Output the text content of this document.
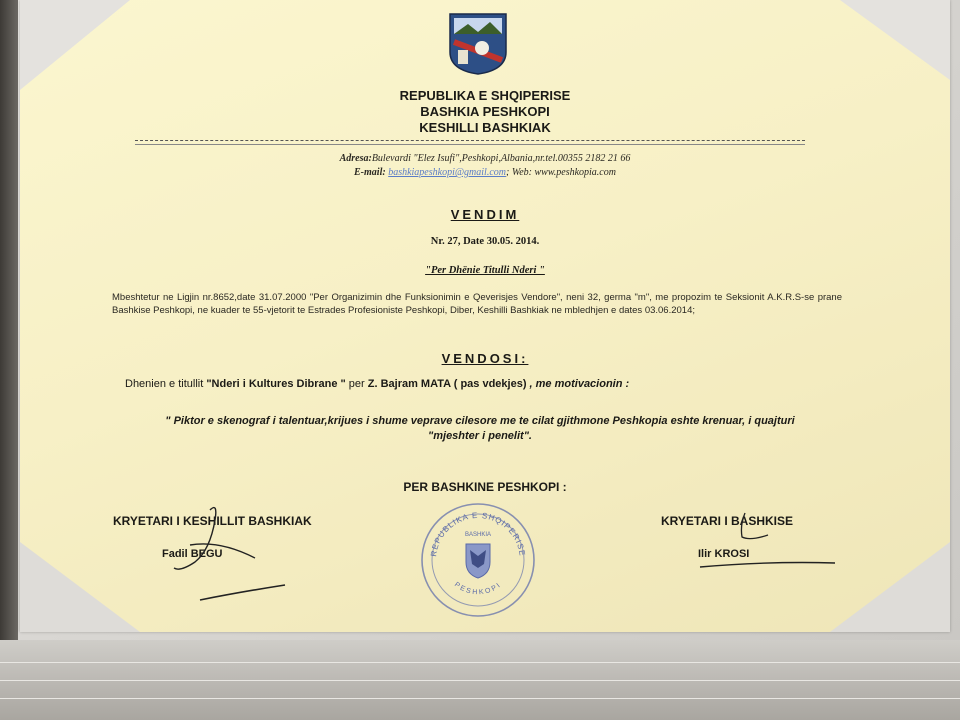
REPUBLIKA E SHQIPERISE
BASHKIA PESHKOPI
KESHILLI BASHKIAK
Adresa:Bulevardi "Elez Isufi",Peshkopi,Albania,nr.tel.00355 2182 21 66
E-mail: bashkiapeshkopi@gmail.com; Web: www.peshkopia.com
VENDIM
Nr. 27, Date 30.05. 2014.
"Per Dhënie Titulli Nderi "
Mbeshtetur ne Ligjin nr.8652,date 31.07.2000 "Per Organizimin dhe Funksionimin e Qeverisjes Vendore", neni 32, germa "m", me propozim te Seksionit A.K.R.S-se prane Bashkise Peshkopi, ne kuader te 55-vjetorit te Estrades Profesioniste Peshkopi, Diber, Keshilli Bashkiak ne mbledhjen e dates 03.06.2014;
VENDOSI:
Dhenien e titullit "Nderi i Kultures Dibrane " per Z. Bajram MATA ( pas vdekjes) , me motivacionin :
" Piktor e skenograf i talentuar,krijues i shume veprave cilesore me te cilat gjithmone Peshkopia eshte krenuar, i quajturi
"mjeshter i penelit".
PER BASHKINE PESHKOPI :
KRYETARI I KESHILLIT BASHKIAK
Fadil BEGU
KRYETARI I BASHKISE
Ilir KROSI
REPUBLIKA E SHQIPERISE
BASHKIA
PESHKOPI
